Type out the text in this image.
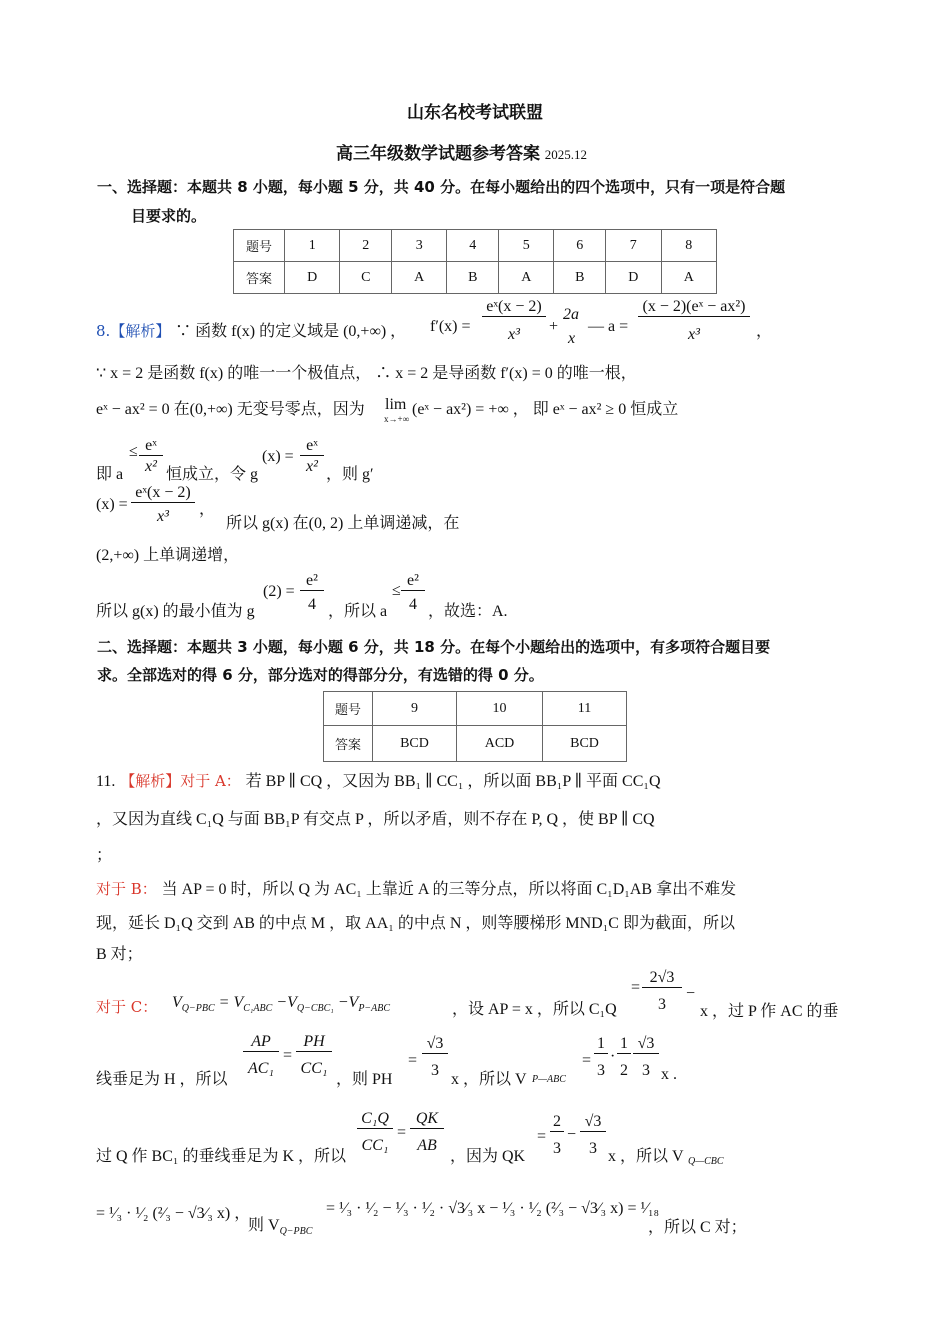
山东名校考试联盟
高三年级数学试题参考答案 2025.12
一、选择题：本题共 8 小题，每小题 5 分，共 40 分。在每小题给出的四个选项中，只有一项是符合题
目要求的。
题号	1	2	3	4	5	6	7	8
答案	D	C	A	B	A	B	D	A
8.【解析】 ∵ 函数 f(x) 的定义域是 (0,+∞) ， f′(x) =
eˣ(x − 2)
x³	+
2a
x
— a =
(x − 2)(eˣ − ax²)
x³	，
∵ x = 2 是函数 f(x) 的唯一一个极值点， ∴ x = 2 是导函数 f′(x) = 0 的唯一根，
eˣ − ax² = 0 在(0,+∞) 无变号零点，因为 lim
x→+∞
(eˣ − ax²) = +∞ ， 即 eˣ − ax² ≥ 0 恒成立
即 a
≤ eˣ
x² 恒成立，令 g
(x) =
eˣ
x² ，则 g′
(x) =
eˣ(x − 2)
x³	，
所以 g(x) 在(0, 2) 上单调递减，在
(2,+∞) 上单调递增，
所以 g(x) 的最小值为 g
(2) =
e²
4 ，所以 a
≤
e²
4 ，故选：A.
二、选择题：本题共 3 小题，每小题 6 分，共 18 分。在每个小题给出的选项中，有多项符合题目要
求。全部选对的得 6 分，部分选对的得部分分，有选错的得 0 分。
题号	9	10	11
答案	BCD	ACD	BCD
11. 【解析】对于 A： 若 BP ∥ CQ ，又因为 BB₁ ∥ CC₁ ，所以面 BB₁P ∥ 平面 CC₁Q
，又因为直线 C₁Q 与面 BB₁P 有交点 P ，所以矛盾，则不存在 P, Q ，使 BP ∥ CQ
；
对于 B： 当 AP = 0 时，所以 Q 为 AC₁ 上靠近 A 的三等分点，所以将面 C₁D₁AB 拿出不难发
现，延长 D₁Q 交到 AB 的中点 M ，取 AA₁ 的中点 N ，则等腰梯形 MND₁C 即为截面，所以
B 对；
对于 C： $V_{Q-PBC} = V_{C_1ABC} -V_{Q-CBC_1} -V_{P-ABC}$	，设 AP = x ，所以 C₁Q
=
2√3
3
−
x ，过 P 作 AC 的垂
线垂足为 H ，所以
AP
AC₁
=
PH
CC₁
，则 PH
=
√3
3
x ，所以 V P—ABC
=
1
3
·
1
2
√3
3 x .
过 Q 作 BC₁ 的垂线垂足为 K ，所以
C₁Q
CC₁
=
QK
AB
，因为 QK
=
2
3
−
√3
3 x ，所以 V Q—CBC
= ¹⁄₃ · ¹⁄₂ (²⁄₃ − √3⁄₃ x) ，
则 $V_{Q-PBC}$
= ¹⁄₃ · ¹⁄₂ − ¹⁄₃ · ¹⁄₂ · √3⁄₃ x − ¹⁄₃ · ¹⁄₂ (²⁄₃ − √3⁄₃ x) = ¹⁄₁₈
，所以 C 对；
